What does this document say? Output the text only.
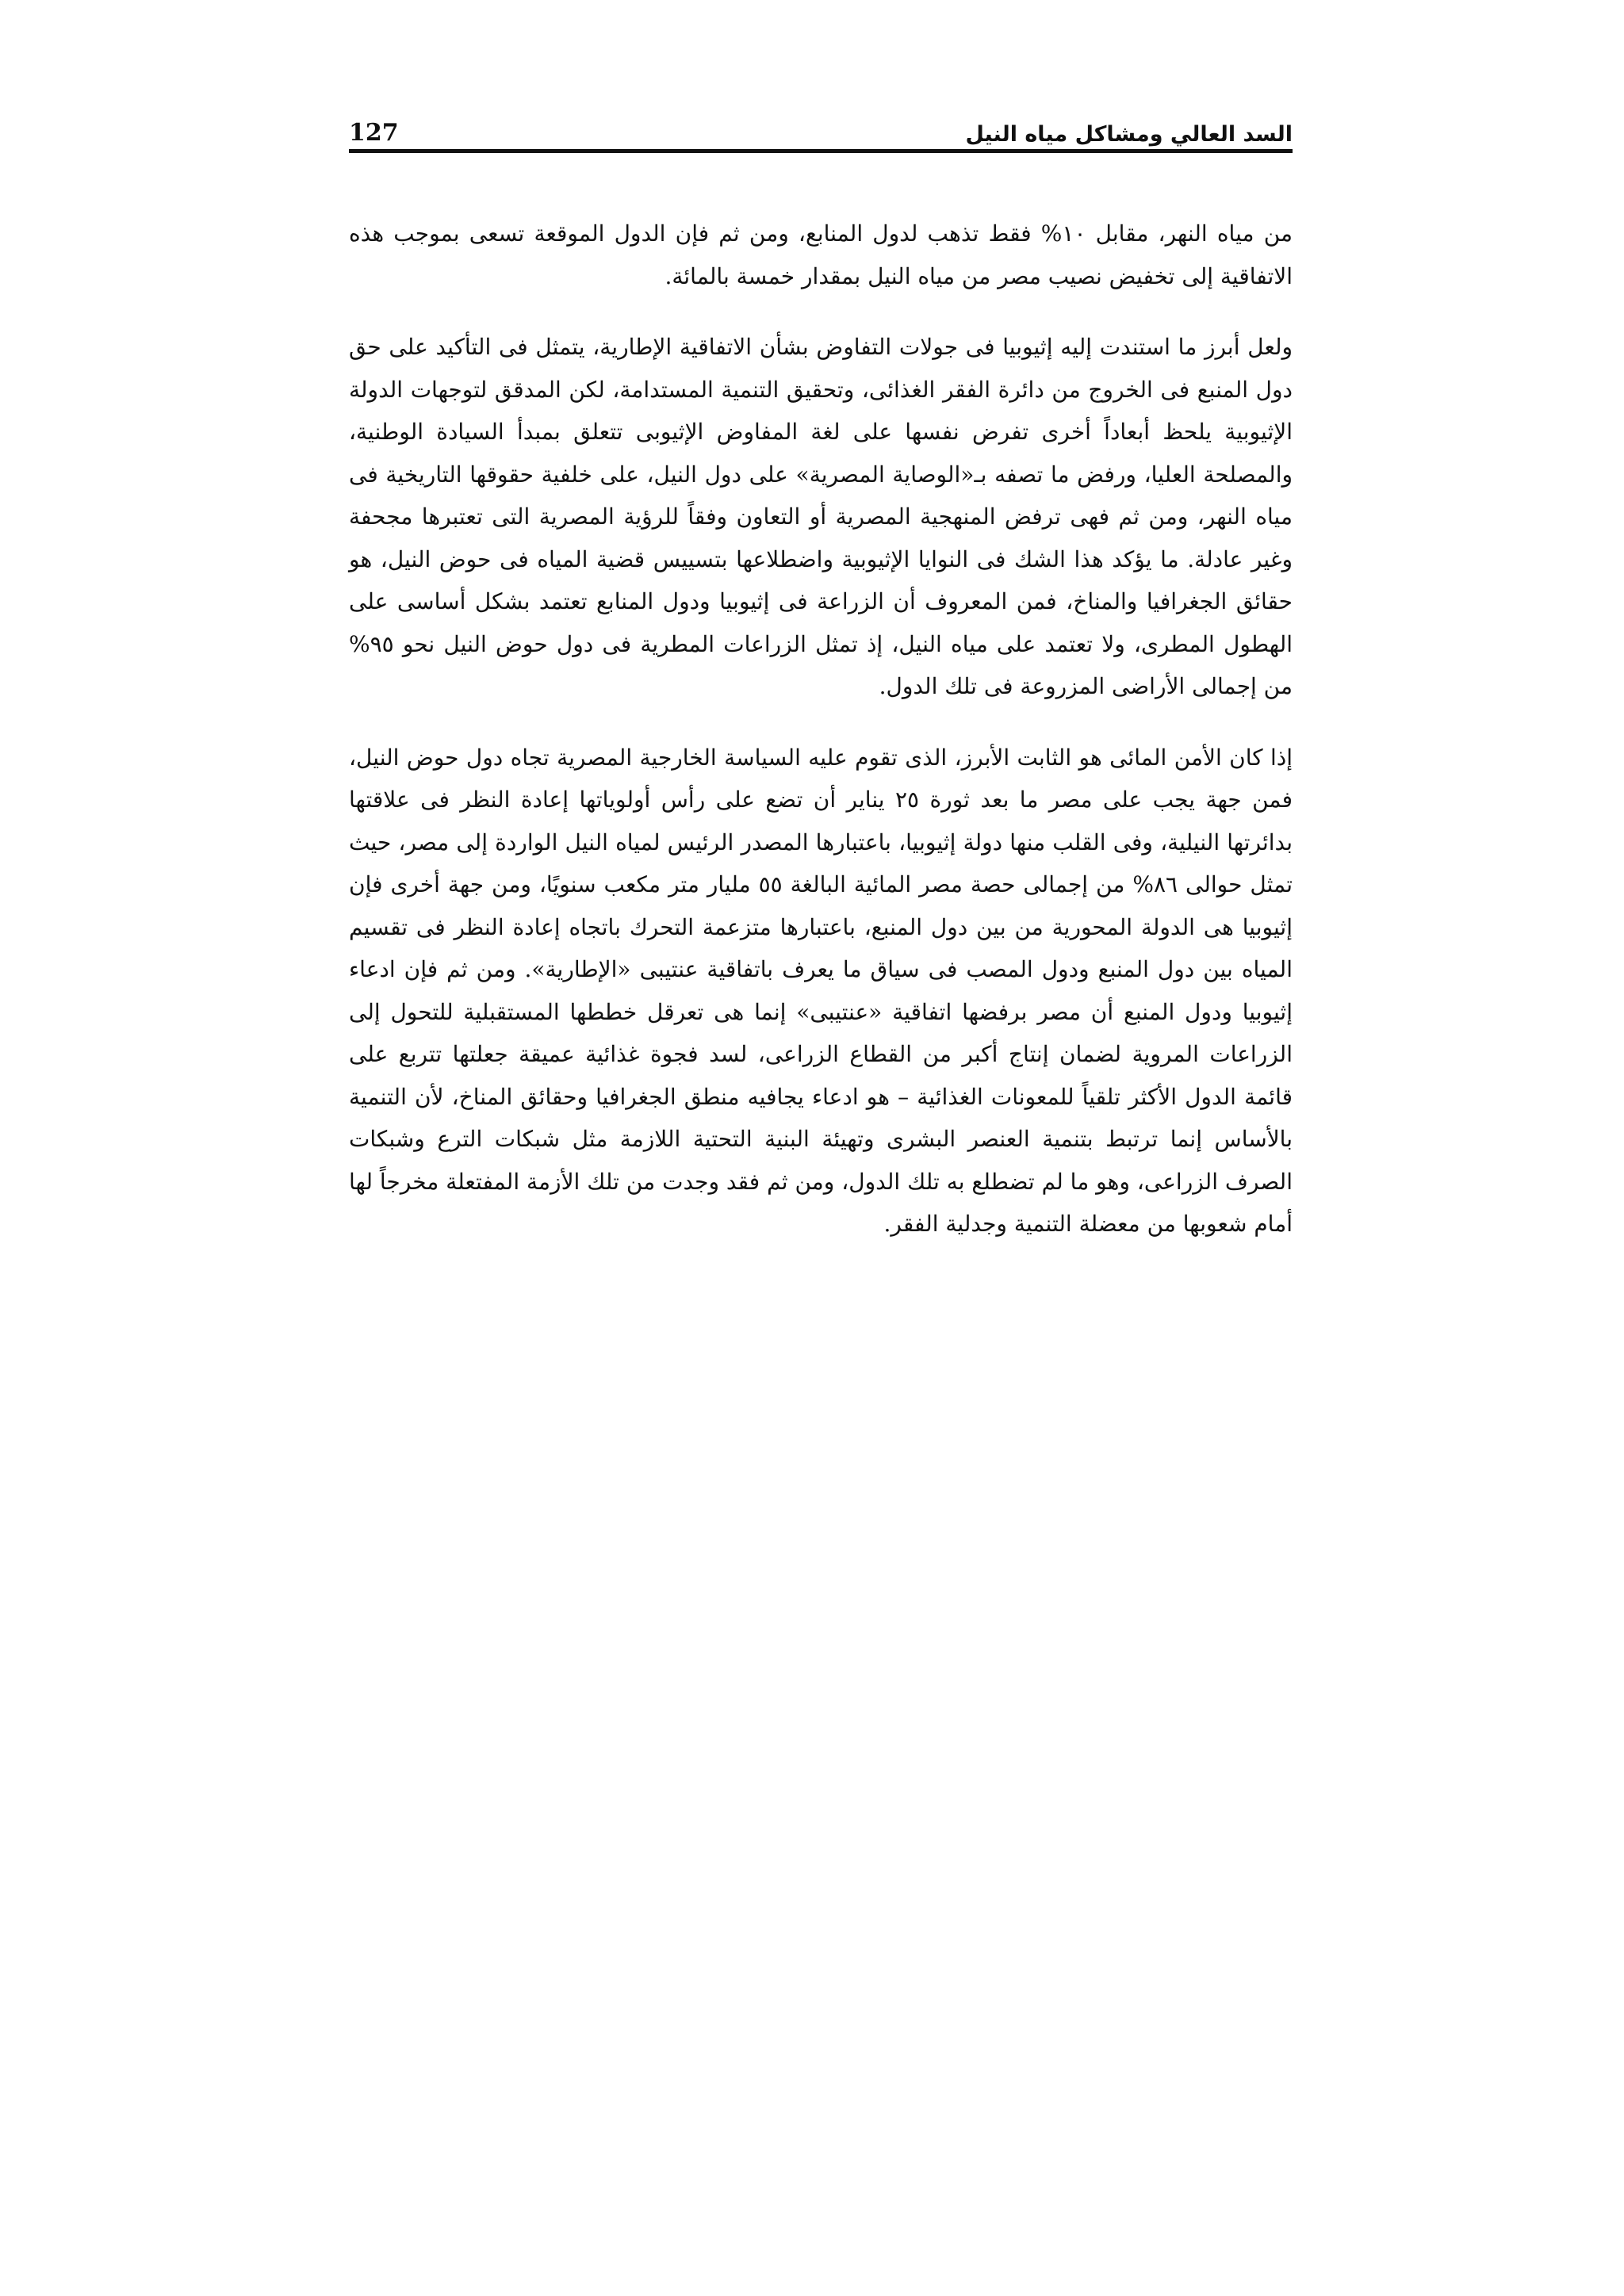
127	السد العالي ومشاكل مياه النيل

من مياه النهر، مقابل ١٠% فقط تذهب لدول المنابع، ومن ثم فإن الدول الموقعة تسعى بموجب هذه الاتفاقية إلى تخفيض نصيب مصر من مياه النيل بمقدار خمسة بالمائة.

ولعل أبرز ما استندت إليه إثيوبيا فى جولات التفاوض بشأن الاتفاقية الإطارية، يتمثل فى التأكيد على حق دول المنبع فى الخروج من دائرة الفقر الغذائى، وتحقيق التنمية المستدامة، لكن المدقق لتوجهات الدولة الإثيوبية يلحظ أبعاداً أخرى تفرض نفسها على لغة المفاوض الإثيوبى تتعلق بمبدأ السيادة الوطنية، والمصلحة العليا، ورفض ما تصفه بـ«الوصاية المصرية» على دول النيل، على خلفية حقوقها التاريخية فى مياه النهر، ومن ثم فهى ترفض المنهجية المصرية أو التعاون وفقاً للرؤية المصرية التى تعتبرها مجحفة وغير عادلة. ما يؤكد هذا الشك فى النوايا الإثيوبية واضطلاعها بتسييس قضية المياه فى حوض النيل، هو حقائق الجغرافيا والمناخ، فمن المعروف أن الزراعة فى إثيوبيا ودول المنابع تعتمد بشكل أساسى على الهطول المطرى، ولا تعتمد على مياه النيل، إذ تمثل الزراعات المطرية فى دول حوض النيل نحو ٩٥% من إجمالى الأراضى المزروعة فى تلك الدول.

إذا كان الأمن المائى هو الثابت الأبرز، الذى تقوم عليه السياسة الخارجية المصرية تجاه دول حوض النيل، فمن جهة يجب على مصر ما بعد ثورة ٢٥ يناير أن تضع على رأس أولوياتها إعادة النظر فى علاقتها بدائرتها النيلية، وفى القلب منها دولة إثيوبيا، باعتبارها المصدر الرئيس لمياه النيل الواردة إلى مصر، حيث تمثل حوالى ٨٦% من إجمالى حصة مصر المائية البالغة ٥٥ مليار متر مكعب سنويًا، ومن جهة أخرى فإن إثيوبيا هى الدولة المحورية من بين دول المنبع، باعتبارها متزعمة التحرك باتجاه إعادة النظر فى تقسيم المياه بين دول المنبع ودول المصب فى سياق ما يعرف باتفاقية عنتيبى «الإطارية». ومن ثم فإن ادعاء إثيوبيا ودول المنبع أن مصر برفضها اتفاقية «عنتيبى» إنما هى تعرقل خططها المستقبلية للتحول إلى الزراعات المروية لضمان إنتاج أكبر من القطاع الزراعى، لسد فجوة غذائية عميقة جعلتها تتربع على قائمة الدول الأكثر تلقياً للمعونات الغذائية – هو ادعاء يجافيه منطق الجغرافيا وحقائق المناخ، لأن التنمية بالأساس إنما ترتبط بتنمية العنصر البشرى وتهيئة البنية التحتية اللازمة مثل شبكات الترع وشبكات الصرف الزراعى، وهو ما لم تضطلع به تلك الدول، ومن ثم فقد وجدت من تلك الأزمة المفتعلة مخرجاً لها أمام شعوبها من معضلة التنمية وجدلية الفقر.
